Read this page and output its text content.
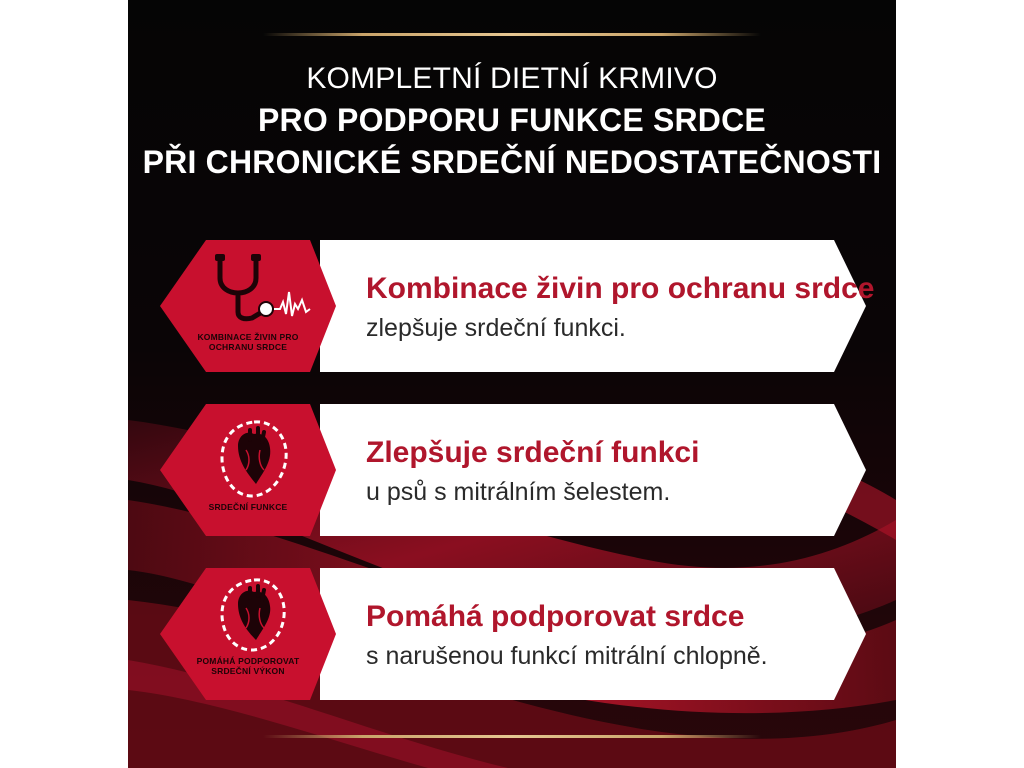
KOMPLETNÍ DIETNÍ KRMIVO
PRO PODPORU FUNKCE SRDCE
PŘI CHRONICKÉ SRDEČNÍ NEDOSTATEČNOSTI
KOMBINACE ŽIVIN PRO OCHRANU SRDCE
Kombinace živin pro ochranu srdce
zlepšuje srdeční funkci.
SRDEČNÍ FUNKCE
Zlepšuje srdeční funkci
u psů s mitrálním šelestem.
POMÁHÁ PODPOROVAT SRDEČNÍ VÝKON
Pomáhá podporovat srdce
s narušenou funkcí mitrální chlopně.
